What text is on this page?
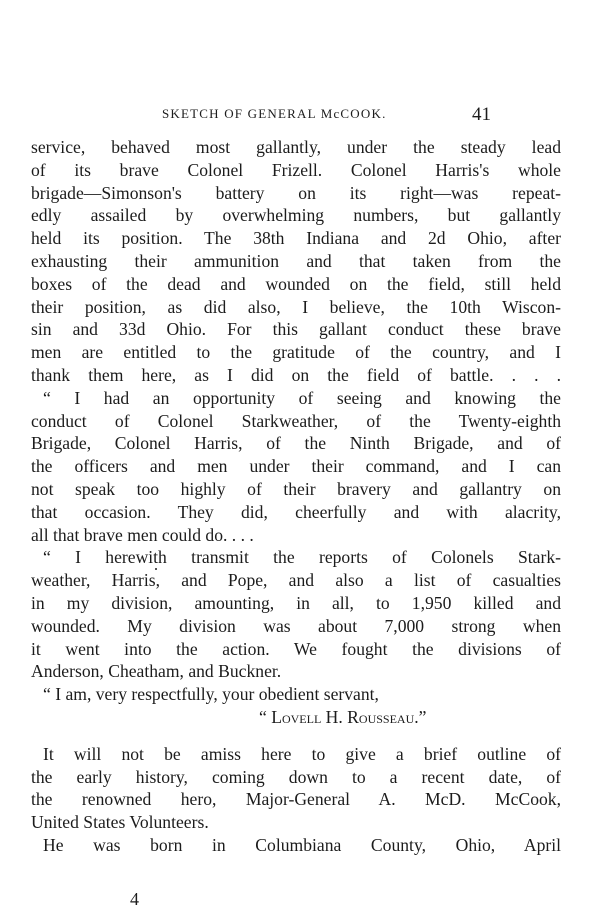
SKETCH OF GENERAL McCOOK.	41
service, behaved most gallantly, under the steady lead
of its brave Colonel Frizell. Colonel Harris's whole
brigade—Simonson's battery on its right—was repeat-
edly assailed by overwhelming numbers, but gallantly
held its position. The 38th Indiana and 2d Ohio, after
exhausting their ammunition and that taken from the
boxes of the dead and wounded on the field, still held
their position, as did also, I believe, the 10th Wiscon-
sin and 33d Ohio. For this gallant conduct these brave
men are entitled to the gratitude of the country, and I
thank them here, as I did on the field of battle. . . .
“ I had an opportunity of seeing and knowing the
conduct of Colonel Starkweather, of the Twenty-eighth
Brigade, Colonel Harris, of the Ninth Brigade, and of
the officers and men under their command, and I can
not speak too highly of their bravery and gallantry on
that occasion. They did, cheerfully and with alacrity,
all that brave men could do. . . .
“ I herewith transmit the reports of Colonels Stark-
weather, Harris, and Pope, and also a list of casualties
in my division, amounting, in all, to 1,950 killed and
wounded. My division was about 7,000 strong when
it went into the action. We fought the divisions of
Anderson, Cheatham, and Buckner.
“ I am, very respectfully, your obedient servant,
“ Lovell H. Rousseau.”
It will not be amiss here to give a brief outline of
the early history, coming down to a recent date, of
the renowned hero, Major-General A. McD. McCook,
United States Volunteers.
He was born in Columbiana County, Ohio, April
4
